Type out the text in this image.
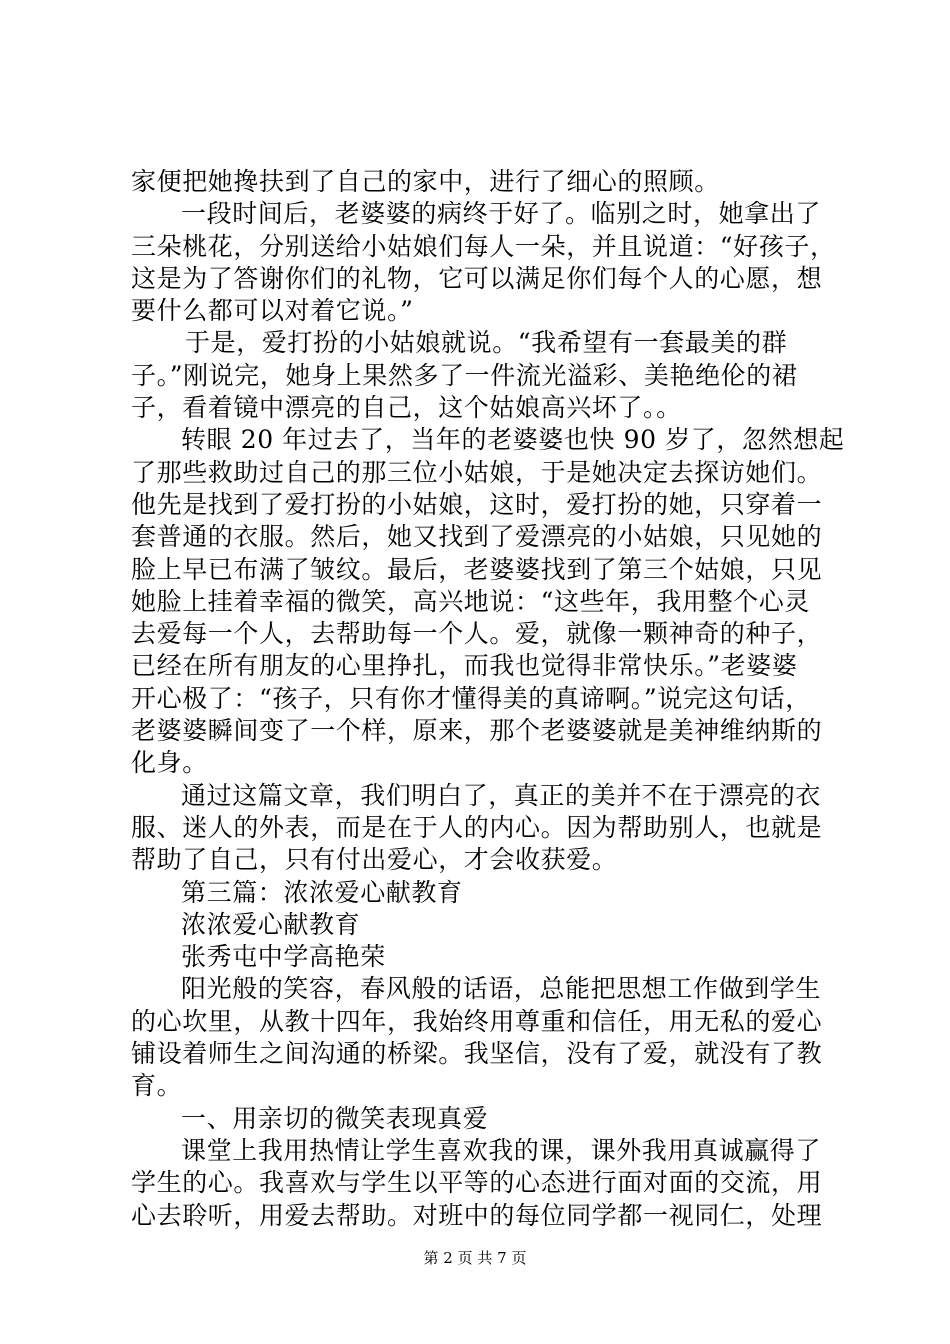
家便把她搀扶到了自己的家中，进行了细心的照顾。
一段时间后，老婆婆的病终于好了。临别之时，她拿出了
三朵桃花，分别送给小姑娘们每人一朵，并且说道：“好孩子，
这是为了答谢你们的礼物，它可以满足你们每个人的心愿，想
要什么都可以对着它说。”
于是，爱打扮的小姑娘就说。“我希望有一套最美的群
子。”刚说完，她身上果然多了一件流光溢彩、美艳绝伦的裙
子，看着镜中漂亮的自己，这个姑娘高兴坏了。。
转眼 20 年过去了，当年的老婆婆也快 90 岁了，忽然想起
了那些救助过自己的那三位小姑娘，于是她决定去探访她们。
他先是找到了爱打扮的小姑娘，这时，爱打扮的她，只穿着一
套普通的衣服。然后，她又找到了爱漂亮的小姑娘，只见她的
脸上早已布满了皱纹。最后，老婆婆找到了第三个姑娘，只见
她脸上挂着幸福的微笑，高兴地说：“这些年，我用整个心灵
去爱每一个人，去帮助每一个人。爱，就像一颗神奇的种子，
已经在所有朋友的心里挣扎，而我也觉得非常快乐。”老婆婆
开心极了：“孩子，只有你才懂得美的真谛啊。”说完这句话，
老婆婆瞬间变了一个样，原来，那个老婆婆就是美神维纳斯的
化身。
通过这篇文章，我们明白了，真正的美并不在于漂亮的衣
服、迷人的外表，而是在于人的内心。因为帮助别人，也就是
帮助了自己，只有付出爱心，才会收获爱。
第三篇：浓浓爱心献教育
浓浓爱心献教育
张秀屯中学高艳荣
阳光般的笑容，春风般的话语，总能把思想工作做到学生
的心坎里，从教十四年，我始终用尊重和信任，用无私的爱心
铺设着师生之间沟通的桥梁。我坚信，没有了爱，就没有了教
育。
一、用亲切的微笑表现真爱
课堂上我用热情让学生喜欢我的课，课外我用真诚赢得了
学生的心。我喜欢与学生以平等的心态进行面对面的交流，用
心去聆听，用爱去帮助。对班中的每位同学都一视同仁，处理
第 2 页 共 7 页
